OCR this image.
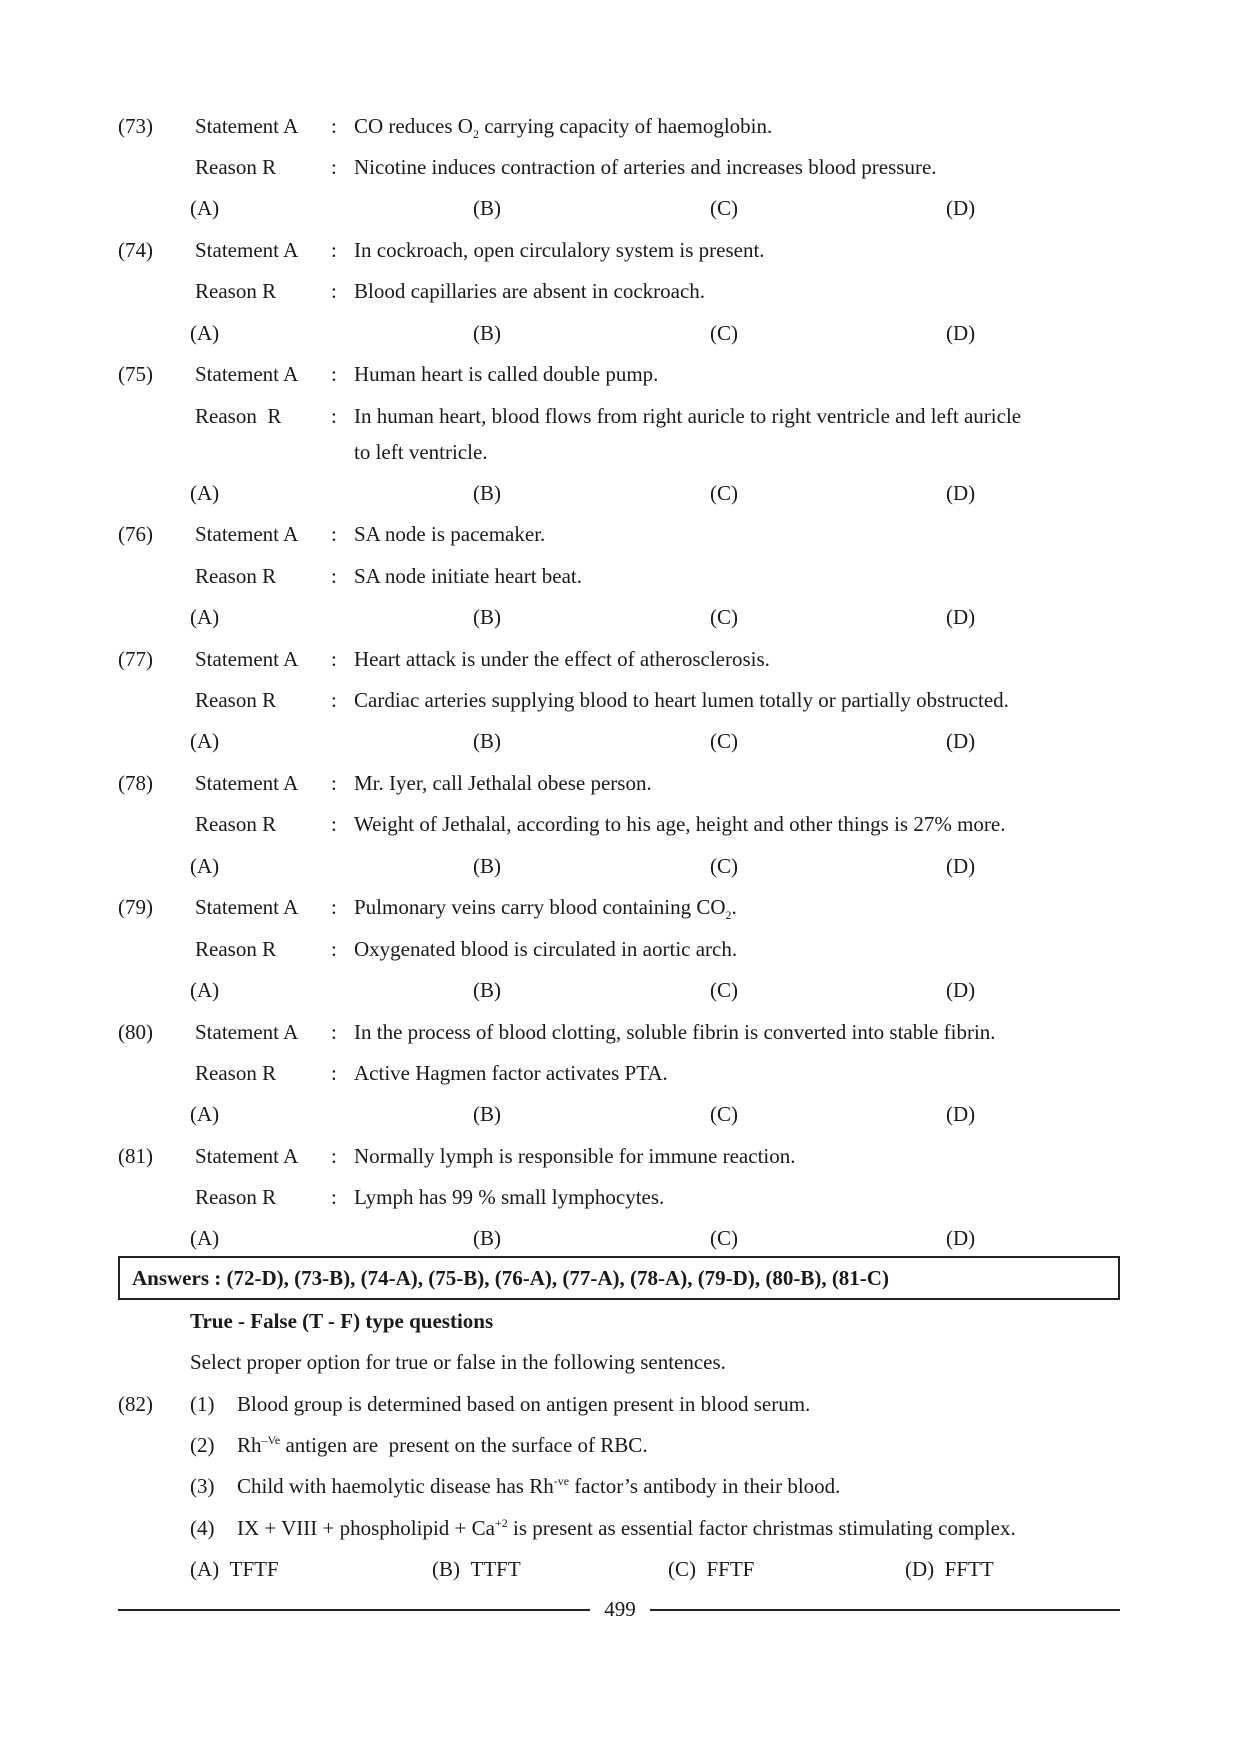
(73) Statement A : CO reduces $O_2$ carrying capacity of haemoglobin.
Reason R	: Nicotine induces contraction of arteries and increases blood pressure.
(A)	(B)	(C)	(D)
(74) Statement A : In cockroach, open circulalory system is present.
Reason R	: Blood capillaries are absent in cockroach.
(A)	(B)	(C)	(D)
(75) Statement A : Human heart is called double pump.
Reason  R : In human heart, blood flows from right auricle to right ventricle and left auricle
to left ventricle.
(A)	(B)	(C)	(D)
(76) Statement A : SA node is pacemaker.
Reason R	: SA node initiate heart beat.
(A)	(B)	(C)	(D)
(77) Statement A : Heart attack is under the effect of atherosclerosis.
Reason R	: Cardiac arteries supplying blood to heart lumen totally or partially obstructed.
(A)	(B)	(C)	(D)
(78) Statement A : Mr. Iyer, call Jethalal obese person.
Reason R	: Weight of Jethalal, according to his age, height and other things is 27% more.
(A)	(B)	(C)	(D)
(79) Statement A : Pulmonary veins carry blood containing $CO_2$.
Reason R	: Oxygenated blood is circulated in aortic arch.
(A)	(B)	(C)	(D)
(80) Statement A : In the process of blood clotting, soluble fibrin is converted into stable fibrin.
Reason R	: Active Hagmen factor activates PTA.
(A)	(B)	(C)	(D)
(81) Statement A : Normally lymph is responsible for immune reaction.
Reason R	: Lymph has 99 % small lymphocytes.
(A)	(B)	(C)	(D)
Answers : (72-D), (73-B), (74-A), (75-B), (76-A), (77-A), (78-A), (79-D), (80-B), (81-C)
True - False (T - F) type questions
Select proper option for true or false in the following sentences.
(82) (1) Blood group is determined based on antigen present in blood serum.
(2) $Rh^{-Ve}$ antigen are  present on the surface of RBC.
(3) Child with haemolytic disease has $Rh^{-ve}$ factor’s antibody in their blood.
(4) IX + VIII + phospholipid + $Ca^{+2}$ is present as essential factor christmas stimulating complex.
(A) TFTF	(B) TTFT	(C) FFTF	(D) FFTT
499
